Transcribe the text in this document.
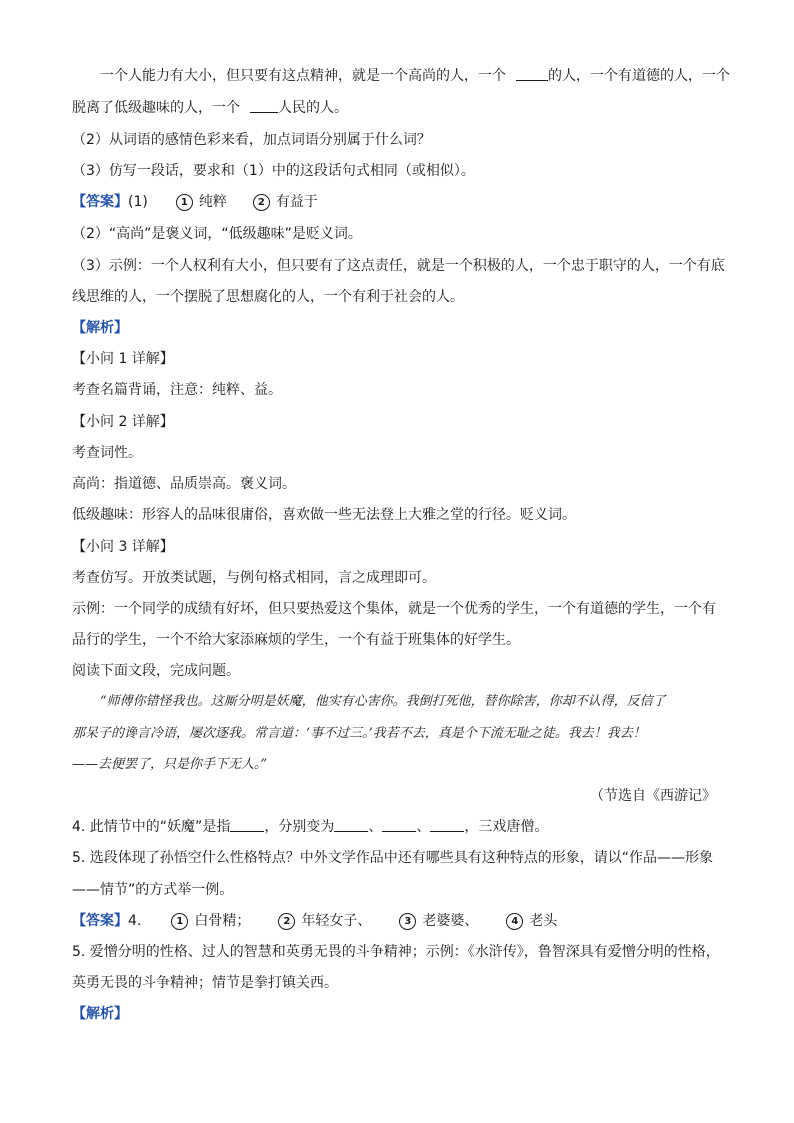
一个人能力有大小，但只要有这点精神，就是一个高尚的人，一个	的人，一个有道德的人，一个
脱离了低级趣味的人，一个	人民的人。
（2）从词语的感情色彩来看，加点词语分别属于什么词？
（3）仿写一段话，要求和（1）中的这段话句式相同（或相似）。
【答案】(1)	1 纯粹	2 有益于
（2）“高尚”是褒义词，“低级趣味”是贬义词。
（3）示例：一个人权利有大小，但只要有了这点责任，就是一个积极的人，一个忠于职守的人，一个有底
线思维的人，一个摆脱了思想腐化的人，一个有利于社会的人。
【解析】
【小问 1 详解】
考查名篇背诵，注意：纯粹、益。
【小问 2 详解】
考查词性。
高尚：指道德、品质崇高。褒义词。
低级趣味：形容人的品味很庸俗，喜欢做一些无法登上大雅之堂的行径。贬义词。
【小问 3 详解】
考查仿写。开放类试题，与例句格式相同，言之成理即可。
示例：一个同学的成绩有好坏，但只要热爱这个集体，就是一个优秀的学生，一个有道德的学生，一个有
品行的学生，一个不给大家添麻烦的学生，一个有益于班集体的好学生。
阅读下面文段，完成问题。
“师傅你错怪我也。这厮分明是妖魔，他实有心害你。我倒打死他，替你除害，你却不认得，反信了
那呆子的谗言冷语，屡次逐我。常言道：‘事不过三。’我若不去，真是个下流无耻之徒。我去！我去！
——去便罢了，只是你手下无人。”
（节选自《西游记》
4. 此情节中的“妖魔”是指 ，分别变为 、 、 ，三戏唐僧。
5. 选段体现了孙悟空什么性格特点？中外文学作品中还有哪些具有这种特点的形象，请以“作品——形象
——情节”的方式举一例。
【答案】4.	1 白骨精；	2 年轻女子、	3 老婆婆、	4 老头
5. 爱憎分明的性格、过人的智慧和英勇无畏的斗争精神；示例：《水浒传》，鲁智深具有爱憎分明的性格，
英勇无畏的斗争精神；情节是拳打镇关西。
【解析】
